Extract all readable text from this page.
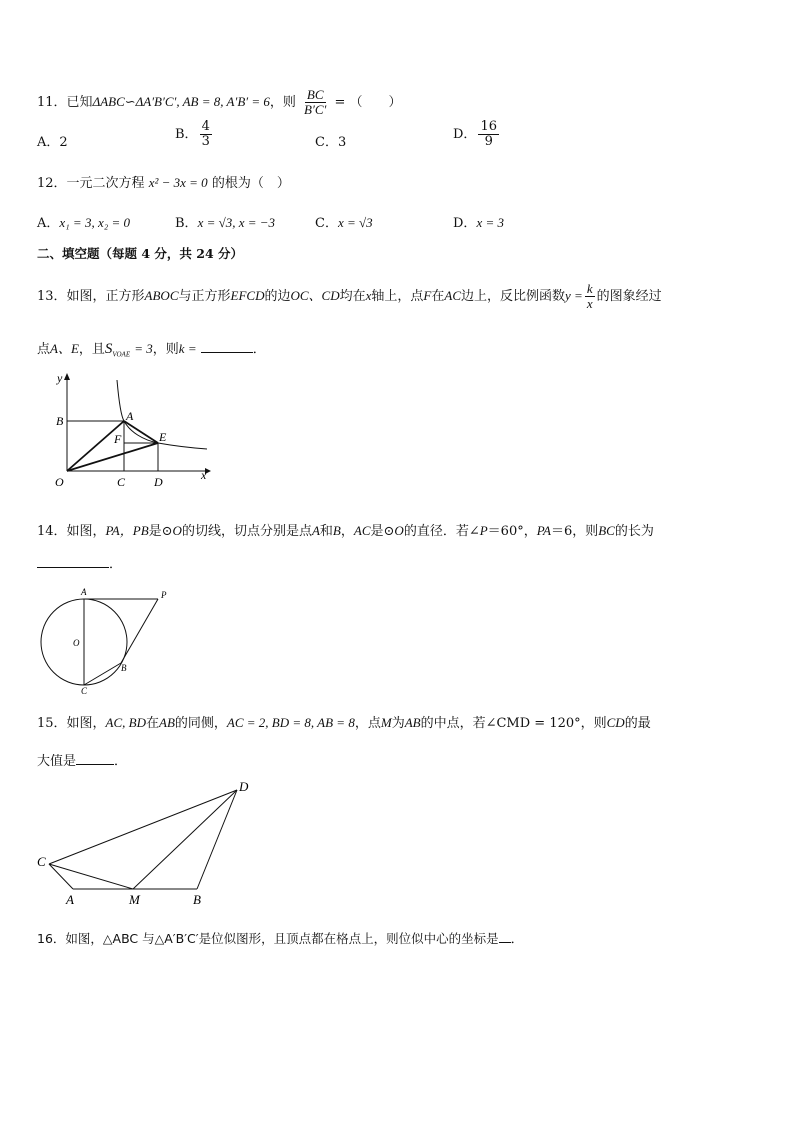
11．已知ΔABC∽ΔA′B′C′, AB = 8, A′B′ = 6，则 $\frac{BC}{B'C'}$ = （　　）
A．2
B． $\frac{4}{3}$	C．3
D． $\frac{16}{9}$
12．一元二次方程 x² − 3x = 0 的根为（　）
A．x₁ = 3, x₂ = 0	B．x = √3, x = −3	C．x = √3	D．x = 3
二、填空题（每题 4 分，共 24 分）
13．如图，正方形ABOC与正方形EFCD的边OC、CD均在x轴上，点F在AC边上，反比例函数$y = \frac{k}{x}$ 的图象经过
点A、E，且$S_{VOAE} = 3$，则k =	．
y
x
B	A
F	E
O	C D
14．如图，PA，PB是⊙O的切线，切点分别是点A和B，AC是⊙O的直径．若∠P＝60°，PA＝6，则BC的长为
．
A	P
O
B
C
15．如图，AC, BD在AB的同侧，AC = 2, BD = 8, AB = 8，点M为AB的中点，若∠CMD = 120°，则CD的最
大值是	．
D
C
A	M	B
16．如图，△ABC 与△A′B′C′是位似图形，且顶点都在格点上，则位似中心的坐标是 ．
